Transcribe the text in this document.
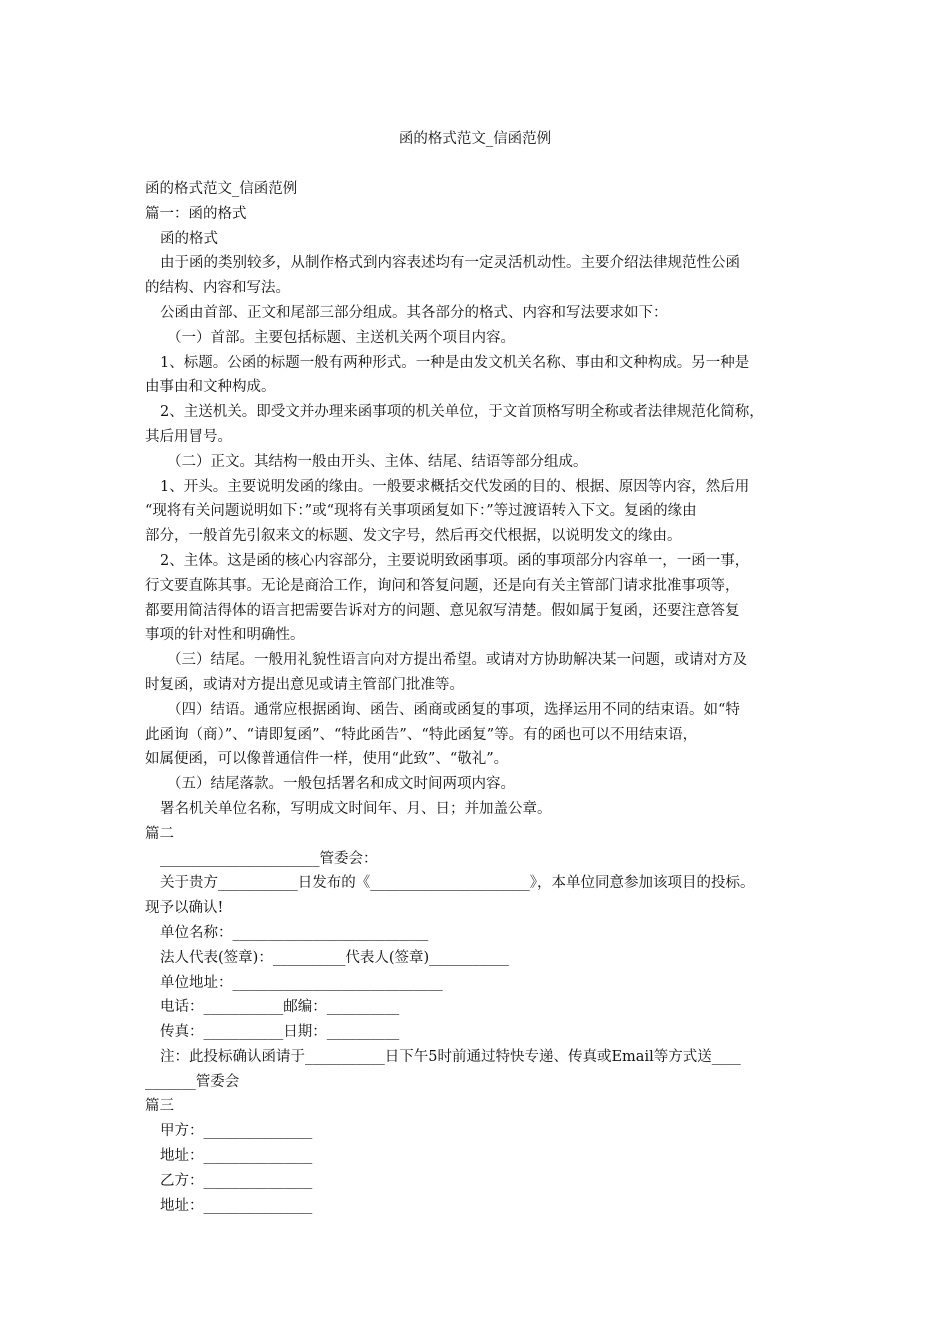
函的格式范文_信函范例
函的格式范文_信函范例
篇一：函的格式
函的格式
由于函的类别较多，从制作格式到内容表述均有一定灵活机动性。主要介绍法律规范性公函
的结构、内容和写法。
公函由首部、正文和尾部三部分组成。其各部分的格式、内容和写法要求如下：
（一）首部。主要包括标题、主送机关两个项目内容。
1、标题。公函的标题一般有两种形式。一种是由发文机关名称、事由和文种构成。另一种是
由事由和文种构成。
2、主送机关。即受文并办理来函事项的机关单位，于文首顶格写明全称或者法律规范化简称，
其后用冒号。
（二）正文。其结构一般由开头、主体、结尾、结语等部分组成。
1、开头。主要说明发函的缘由。一般要求概括交代发函的目的、根据、原因等内容，然后用
“现将有关问题说明如下：”或“现将有关事项函复如下：”等过渡语转入下文。复函的缘由
部分，一般首先引叙来文的标题、发文字号，然后再交代根据，以说明发文的缘由。
2、主体。这是函的核心内容部分，主要说明致函事项。函的事项部分内容单一，一函一事，
行文要直陈其事。无论是商洽工作，询问和答复问题，还是向有关主管部门请求批准事项等，
都要用简洁得体的语言把需要告诉对方的问题、意见叙写清楚。假如属于复函，还要注意答复
事项的针对性和明确性。
（三）结尾。一般用礼貌性语言向对方提出希望。或请对方协助解决某一问题，或请对方及
时复函，或请对方提出意见或请主管部门批准等。
（四）结语。通常应根据函询、函告、函商或函复的事项，选择运用不同的结束语。如“特
此函询（商）”、“请即复函”、“特此函告”、“特此函复”等。有的函也可以不用结束语，
如属便函，可以像普通信件一样，使用“此致”、“敬礼”。
（五）结尾落款。一般包括署名和成文时间两项内容。
署名机关单位名称，写明成文时间年、月、日；并加盖公章。
篇二
______________________管委会：
关于贵方___________日发布的《______________________》，本单位同意参加该项目的投标。
现予以确认!
单位名称：___________________________
法人代表(签章)：__________代表人(签章)___________
单位地址：_____________________________
电话：___________邮编：__________
传真：___________日期：__________
注：此投标确认函请于___________日下午5时前通过特快专递、传真或Email等方式送____
_______管委会
篇三
甲方：_______________
地址：_______________
乙方：_______________
地址：_______________
